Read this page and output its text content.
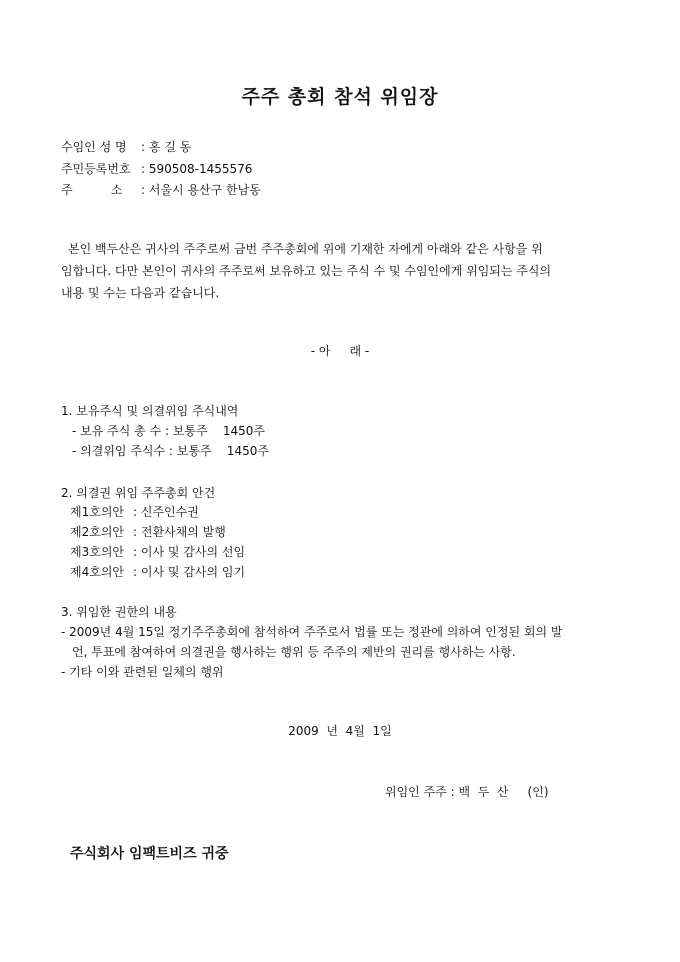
주주 총회 참석 위임장
수임인 성 명 : 홍 길 동
주민등록번호 : 590508-1455576
주          소 : 서울시 용산구 한남동
본인 백두산은 귀사의 주주로써 금번 주주총회에 위에 기재한 자에게 아래와 같은 사항을 위
임합니다. 다만 본인이 귀사의 주주로써 보유하고 있는 주식 수 및 수임인에게 위임되는 주식의
내용 및 수는 다음과 같습니다.
- 아     래 -
1. 보유주식 및 의결위임 주식내역
- 보유 주식 총 수 : 보통주    1450주
- 의결위임 주식수 : 보통주    1450주
2. 의결권 위임 주주총회 안건
제1호의안 : 신주인수권
제2호의안 : 전환사채의 발행
제3호의안 : 이사 및 감사의 선임
제4호의안 : 이사 및 감사의 임기
3. 위임한 권한의 내용
- 2009년 4월 15일 정기주주총회에 참석하여 주주로서 법률 또는 정관에 의하여 인정된 회의 발
언, 투표에 참여하여 의결권을 행사하는 행위 등 주주의 제반의 권리를 행사하는 사항.
- 기타 이와 관련된 일체의 행위
2009  년  4월  1일
위임인 주주 : 백  두  산     (인)
주식회사 임팩트비즈 귀중
